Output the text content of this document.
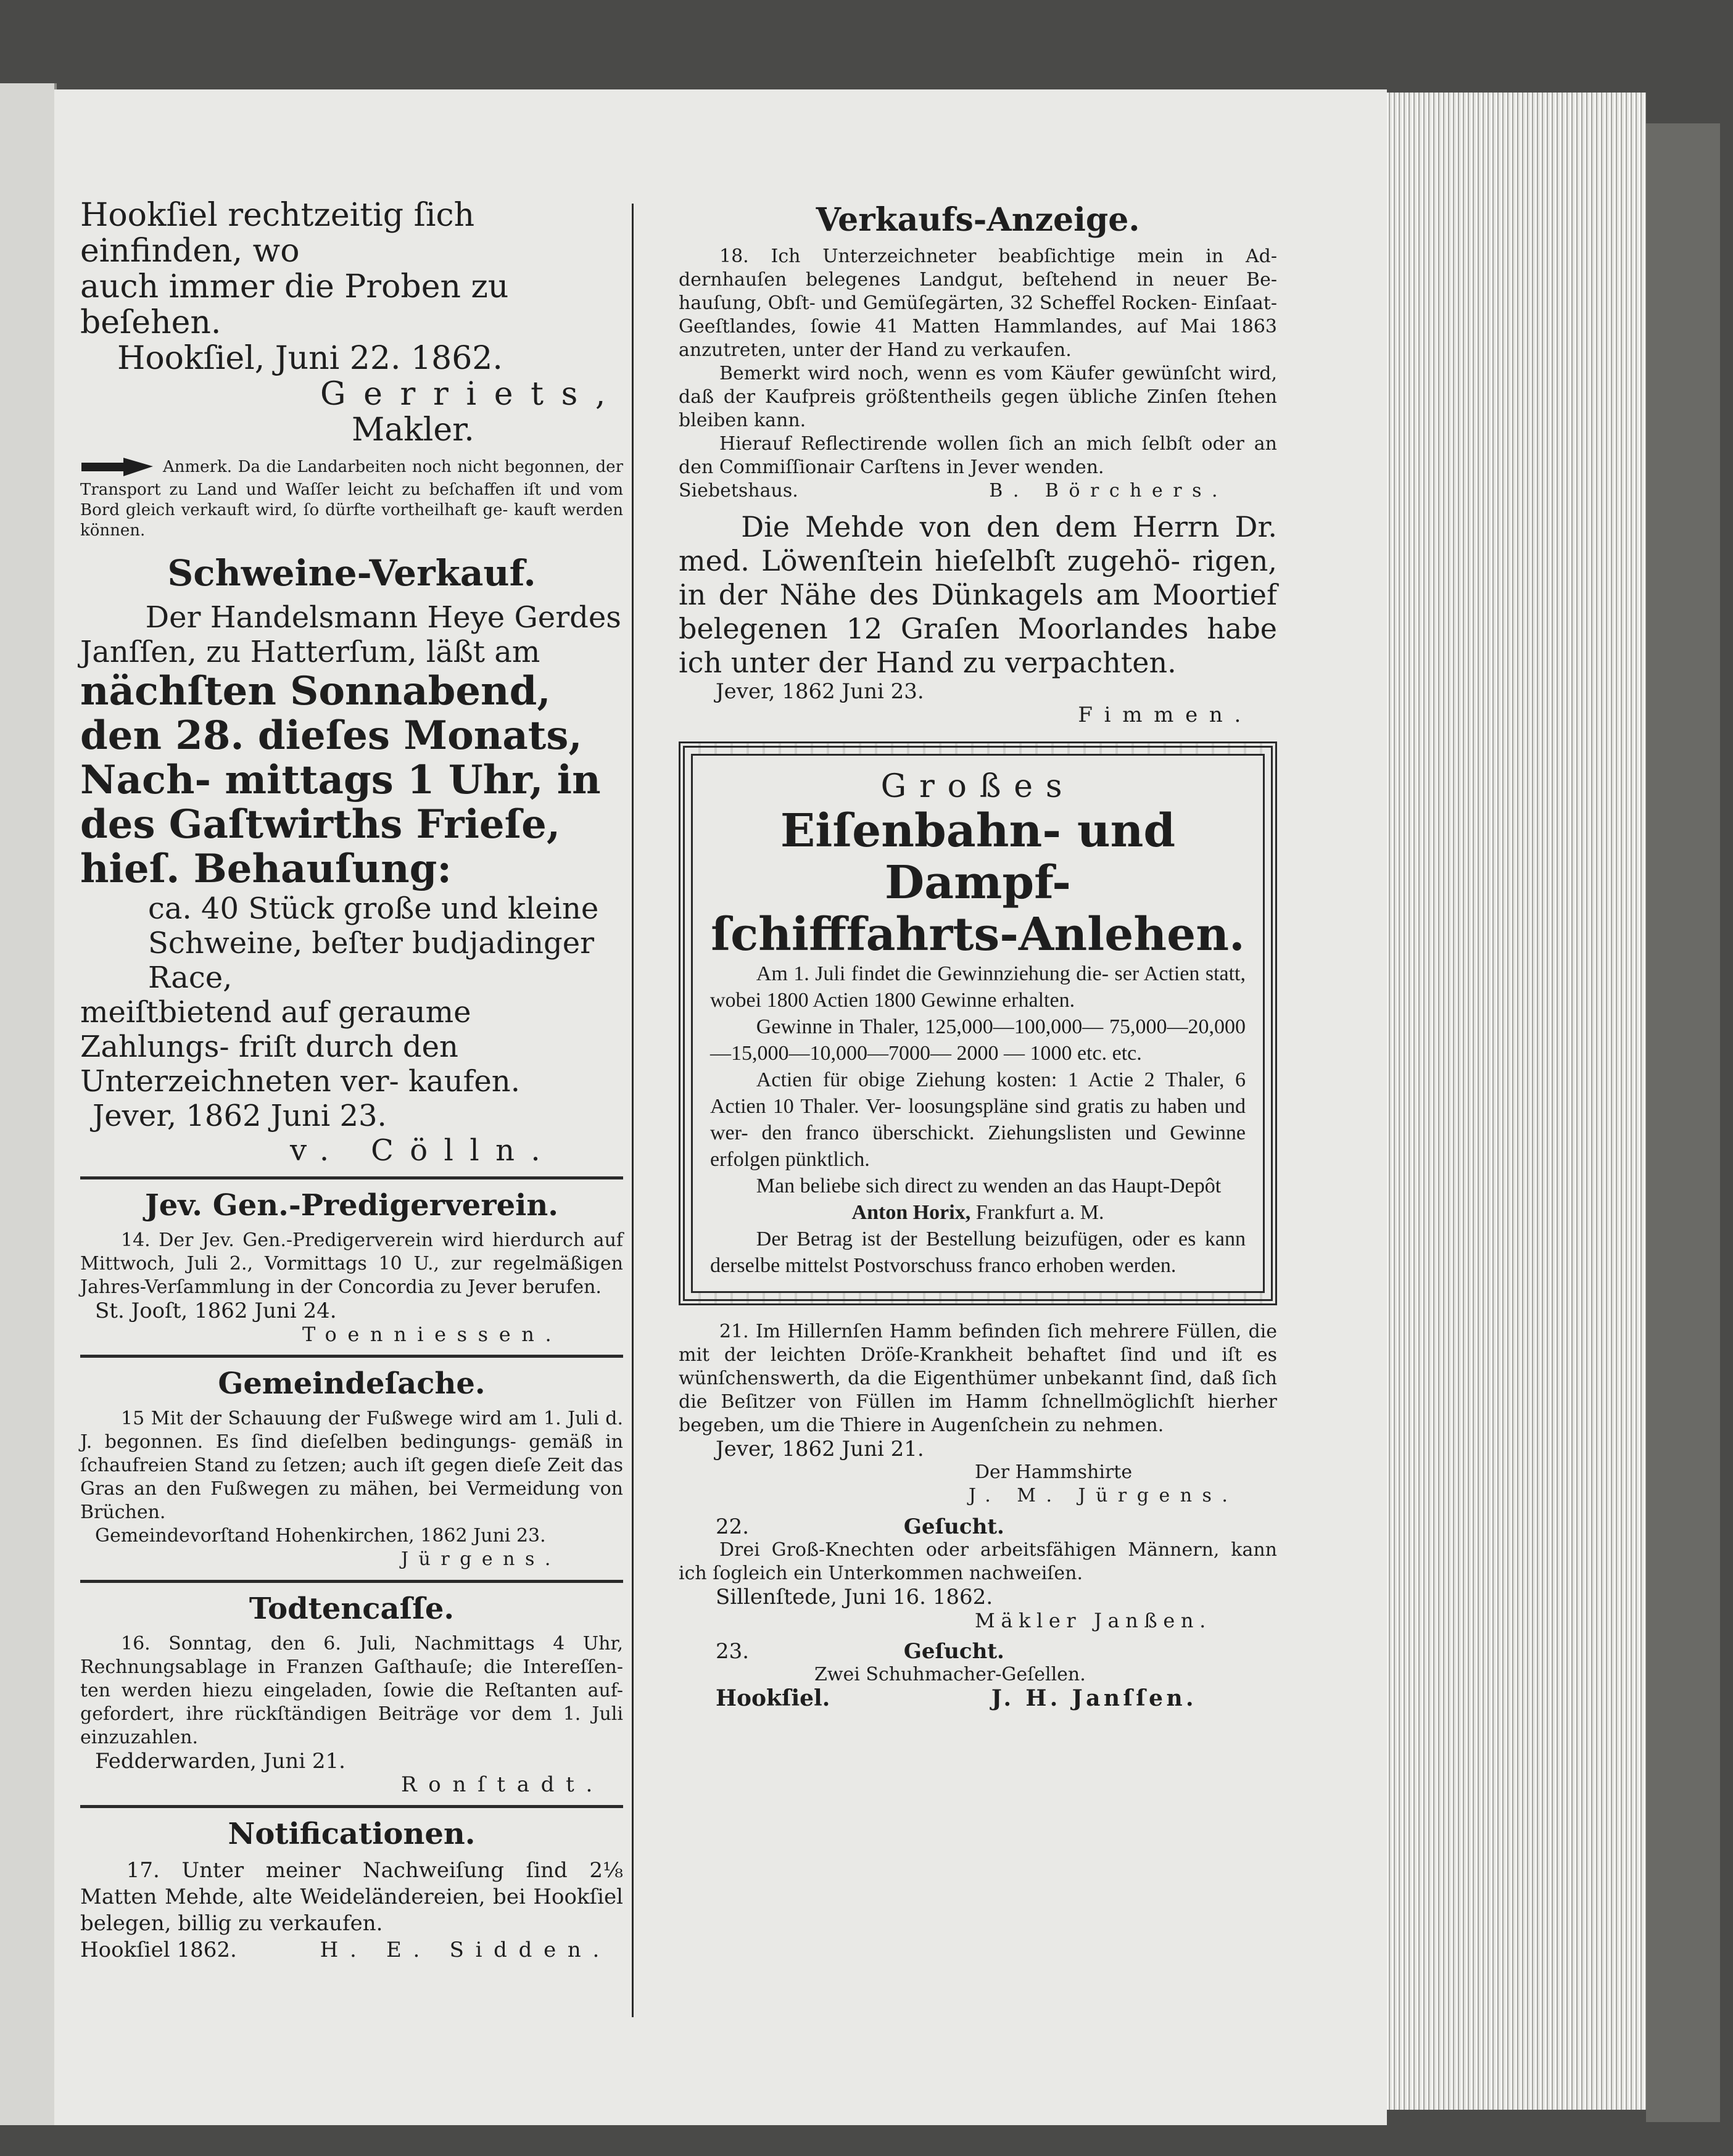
Hookſiel rechtzeitig ſich einfinden, wo
auch immer die Proben zu beſehen.
Hookſiel, Juni 22. 1862.
Gerriets,
Makler.
Anmerk. Da die Landarbeiten noch nicht begonnen, der Transport zu Land und Waſſer leicht zu beſchaffen iſt und vom Bord gleich verkauft wird, ſo dürfte vortheilhaft ge- kauft werden können.
Schweine-Verkauf.
Der Handelsmann Heye Gerdes Janſſen, zu Hatterſum, läßt am
nächſten Sonnabend, den 28. dieſes Monats, Nach- mittags 1 Uhr, in des Gaſtwirths Frieſe, hieſ. Behauſung:
ca. 40 Stück große und kleine Schweine, beſter budjadinger Race,
meiſtbietend auf geraume Zahlungs- friſt durch den Unterzeichneten ver- kaufen.
Jever, 1862 Juni 23.
v. Cölln.
Jev. Gen.-Predigerverein.

14. Der Jev. Gen.-Predigerverein wird hierdurch auf Mittwoch, Juli 2., Vormittags 10 U., zur regelmäßigen Jahres-Verſammlung in der Concordia zu Jever berufen.

St. Jooſt, 1862 Juni 24.
Toenniessen.
Gemeindeſache.

15 Mit der Schauung der Fußwege wird am 1. Juli d. J. begonnen. Es ſind dieſelben bedingungs- gemäß in ſchaufreien Stand zu ſetzen; auch iſt gegen dieſe Zeit das Gras an den Fußwegen zu mähen, bei Vermeidung von Brüchen.

Gemeindevorſtand Hohenkirchen, 1862 Juni 23.
Jürgens.
Todtencaſſe.

16. Sonntag, den 6. Juli, Nachmittags 4 Uhr, Rechnungsablage in Franzen Gaſthauſe; die Intereſſen- ten werden hiezu eingeladen, ſowie die Reſtanten auf- gefordert, ihre rückſtändigen Beiträge vor dem 1. Juli einzuzahlen.

Fedderwarden, Juni 21.
Ronſtadt.
Notificationen.

17. Unter meiner Nachweiſung ſind 2⅛ Matten Mehde, alte Weideländereien, bei Hookſiel belegen, billig zu verkaufen.

Hookſiel 1862.	H. E. Sidden.
Verkaufs-Anzeige.

18. Ich Unterzeichneter beabſichtige mein in Ad- dernhauſen belegenes Landgut, beſtehend in neuer Be- hauſung, Obſt- und Gemüſegärten, 32 Scheffel Rocken- Einſaat-Geeſtlandes, ſowie 41 Matten Hammlandes, auf Mai 1863 anzutreten, unter der Hand zu verkaufen.

Bemerkt wird noch, wenn es vom Käufer gewünſcht wird, daß der Kaufpreis größtentheils gegen übliche Zinſen ſtehen bleiben kann.

Hierauf Reflectirende wollen ſich an mich ſelbſt oder an den Commiſſionair Carſtens in Jever wenden.

Siebetshaus.	B. Börchers.
Die Mehde von den dem Herrn Dr. med. Löwenſtein hieſelbſt zugehö- rigen, in der Nähe des Dünkagels am Moortief belegenen 12 Graſen Moorlandes habe ich unter der Hand zu verpachten.
Jever, 1862 Juni 23.
Fimmen.
Großes
Eiſenbahn- und Dampf-
ſchifffahrts-Anlehen.

Am 1. Juli findet die Gewinnziehung die- ser Actien statt, wobei 1800 Actien 1800 Gewinne erhalten.

Gewinne in Thaler, 125,000—100,000— 75,000—20,000—15,000—10,000—7000— 2000 — 1000 etc. etc.

Actien für obige Ziehung kosten: 1 Actie 2 Thaler, 6 Actien 10 Thaler. Ver- loosungspläne sind gratis zu haben und wer- den franco überschickt. Ziehungslisten und Gewinne erfolgen pünktlich.

Man beliebe sich direct zu wenden an das Haupt-Depôt

Anton Horix, Frankfurt a. M.

Der Betrag ist der Bestellung beizufügen, oder es kann derselbe mittelst Postvorschuss franco erhoben werden.

21. Im Hillernſen Hamm befinden ſich mehrere Füllen, die mit der leichten Dröſe-Krankheit behaftet ſind und iſt es wünſchenswerth, da die Eigenthümer unbekannt ſind, daß ſich die Beſitzer von Füllen im Hamm ſchnellmöglichſt hierher begeben, um die Thiere in Augenſchein zu nehmen.

Jever, 1862 Juni 21.
Der Hammshirte
J. M. Jürgens.
22.	Geſucht.

Drei Groß-Knechten oder arbeitsfähigen Männern, kann ich ſogleich ein Unterkommen nachweiſen.

Sillenſtede, Juni 16. 1862.
Mäkler Janßen.
23.	Geſucht.
Zwei Schuhmacher-Geſellen.
Hookſiel.	J. H. Janſſen.
